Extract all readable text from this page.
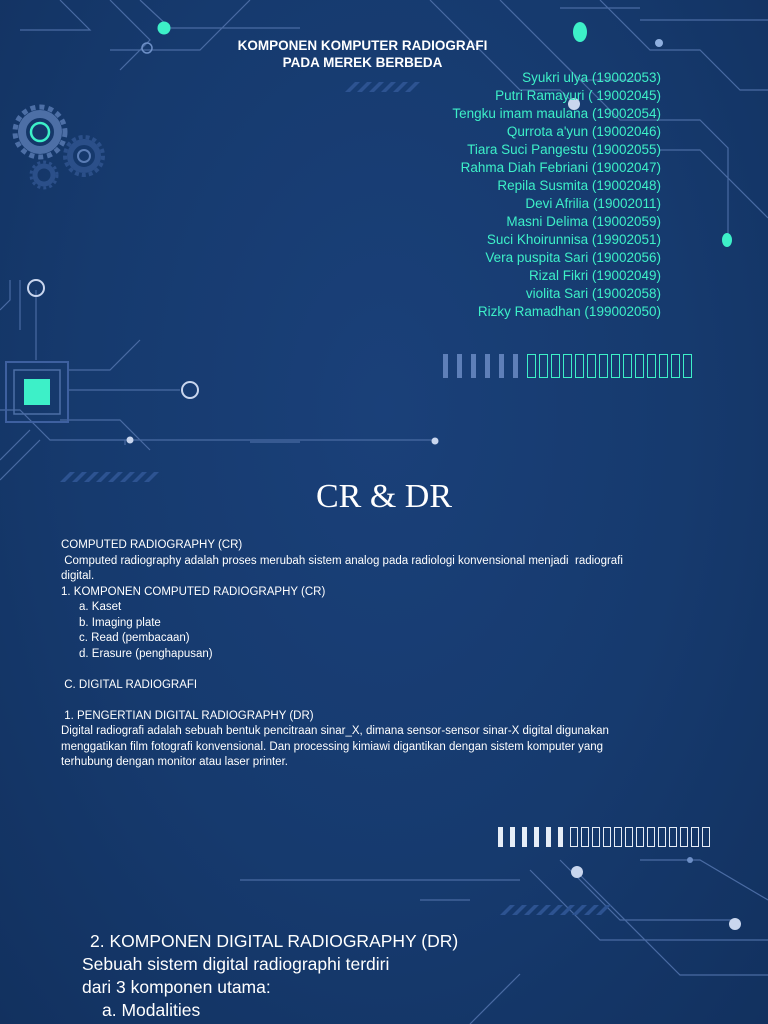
KOMPONEN KOMPUTER RADIOGRAFI
PADA MEREK BERBEDA
Syukri ulya (19002053)
Putri Ramayuri ( 19002045)
Tengku imam maulana (19002054)
Qurrota a'yun (19002046)
Tiara Suci Pangestu (19002055)
Rahma Diah Febriani (19002047)
Repila Susmita (19002048)
Devi Afrilia (19002011)
Masni Delima (19002059)
Suci Khoirunnisa (19902051)
Vera puspita Sari (19002056)
Rizal Fikri (19002049)
violita Sari (19002058)
Rizky Ramadhan (199002050)
CR & DR
COMPUTED RADIOGRAPHY (CR)
Computed radiography adalah proses merubah sistem analog pada radiologi konvensional menjadi  radiografi
digital.
1. KOMPONEN COMPUTED RADIOGRAPHY (CR)
a. Kaset
b. Imaging plate
c. Read (pembacaan)
d. Erasure (penghapusan)
C. DIGITAL RADIOGRAFI
1. PENGERTIAN DIGITAL RADIOGRAPHY (DR)
Digital radiografi adalah sebuah bentuk pencitraan sinar_X, dimana sensor-sensor sinar-X digital digunakan
menggatikan film fotografi konvensional. Dan processing kimiawi digantikan dengan sistem komputer yang
terhubung dengan monitor atau laser printer.
2. KOMPONEN DIGITAL RADIOGRAPHY (DR)
Sebuah sistem digital radiographi terdiri
dari 3 komponen utama:
a. Modalities
